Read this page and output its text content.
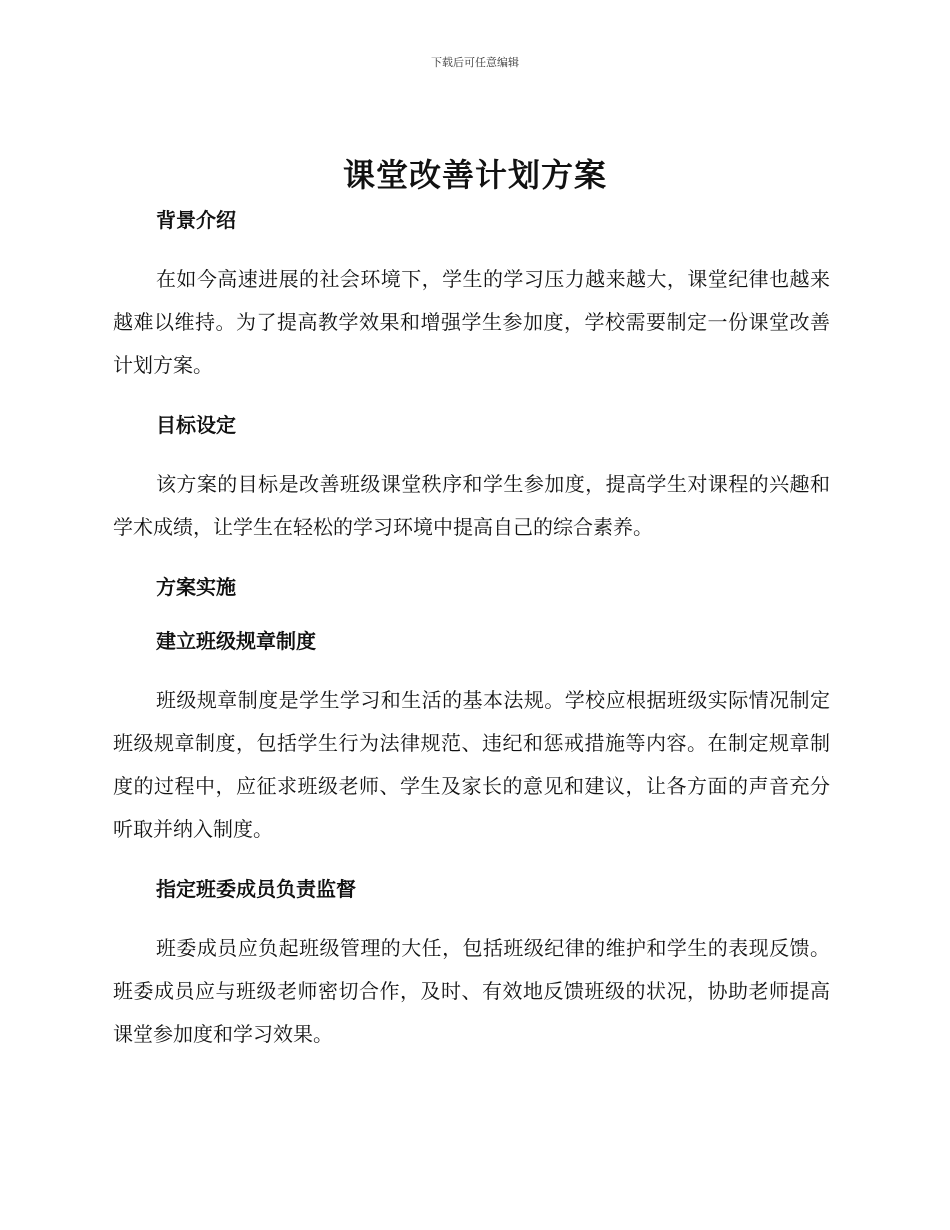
下载后可任意编辑
课堂改善计划方案
背景介绍

在如今高速进展的社会环境下，学生的学习压力越来越大，课堂纪律也越来越难以维持。为了提高教学效果和增强学生参加度，学校需要制定一份课堂改善计划方案。

目标设定

该方案的目标是改善班级课堂秩序和学生参加度，提高学生对课程的兴趣和学术成绩，让学生在轻松的学习环境中提高自己的综合素养。

方案实施
建立班级规章制度

班级规章制度是学生学习和生活的基本法规。学校应根据班级实际情况制定班级规章制度，包括学生行为法律规范、违纪和惩戒措施等内容。在制定规章制度的过程中，应征求班级老师、学生及家长的意见和建议，让各方面的声音充分听取并纳入制度。

指定班委成员负责监督

班委成员应负起班级管理的大任，包括班级纪律的维护和学生的表现反馈。班委成员应与班级老师密切合作，及时、有效地反馈班级的状况，协助老师提高课堂参加度和学习效果。
